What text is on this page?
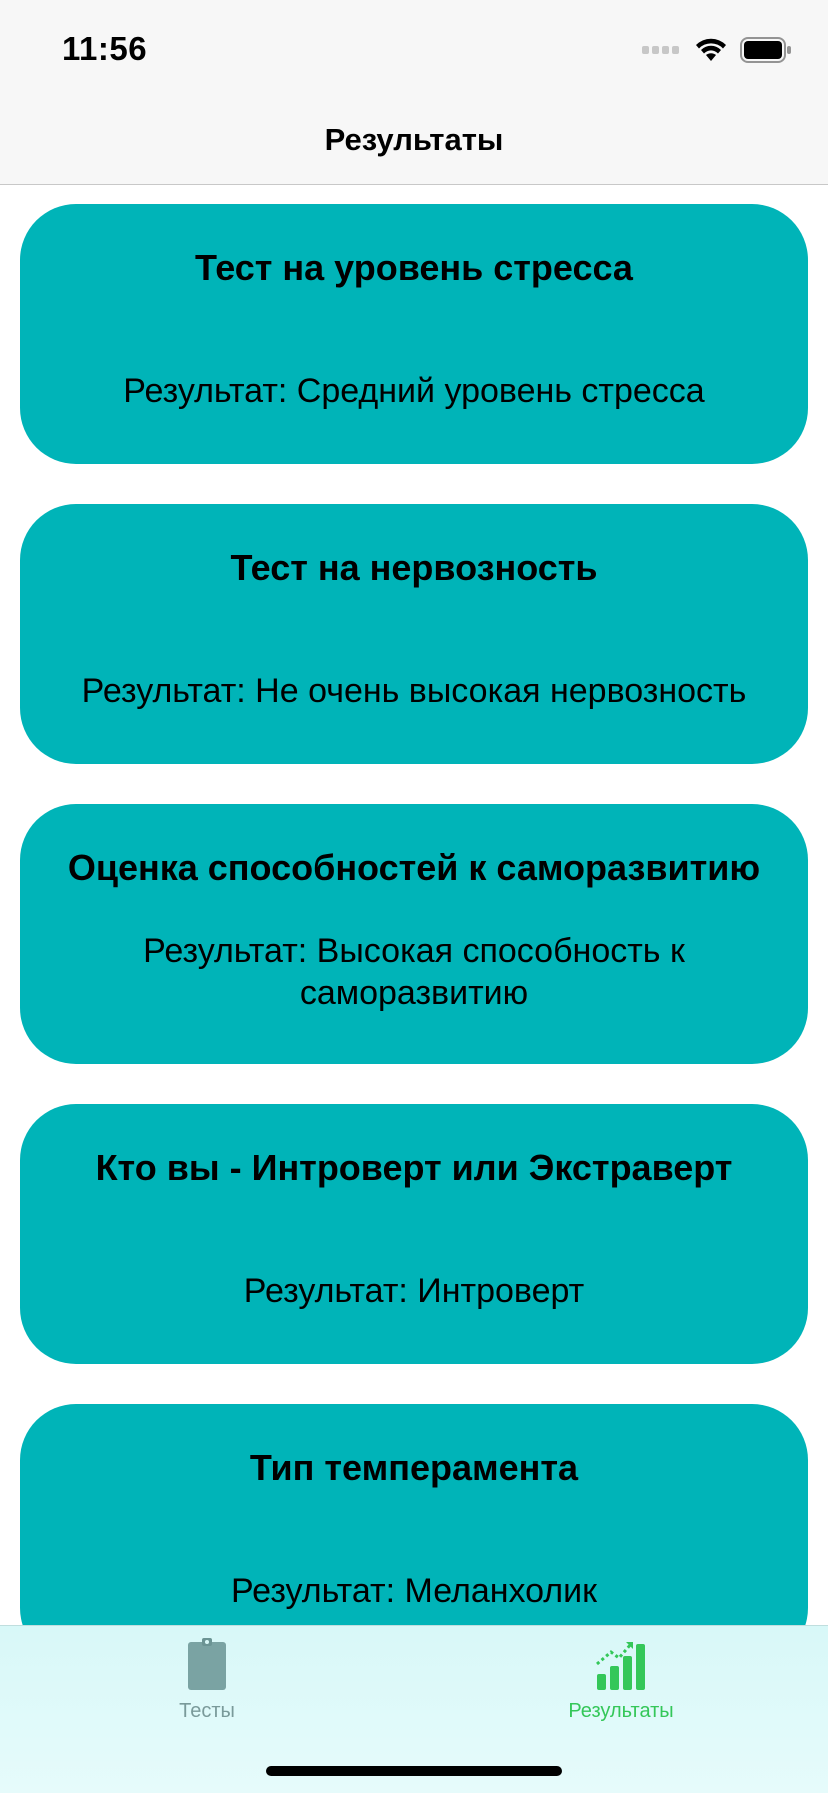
11:56
Результаты
Тест на уровень стресса
Результат: Средний уровень стресса
Тест на нервозность
Результат: Не очень высокая нервозность
Оценка способностей к саморазвитию
Результат: Высокая способность к саморазвитию
Кто вы - Интроверт или Экстраверт
Результат: Интроверт
Тип темперамента
Результат: Меланхолик
Тесты	Результаты
